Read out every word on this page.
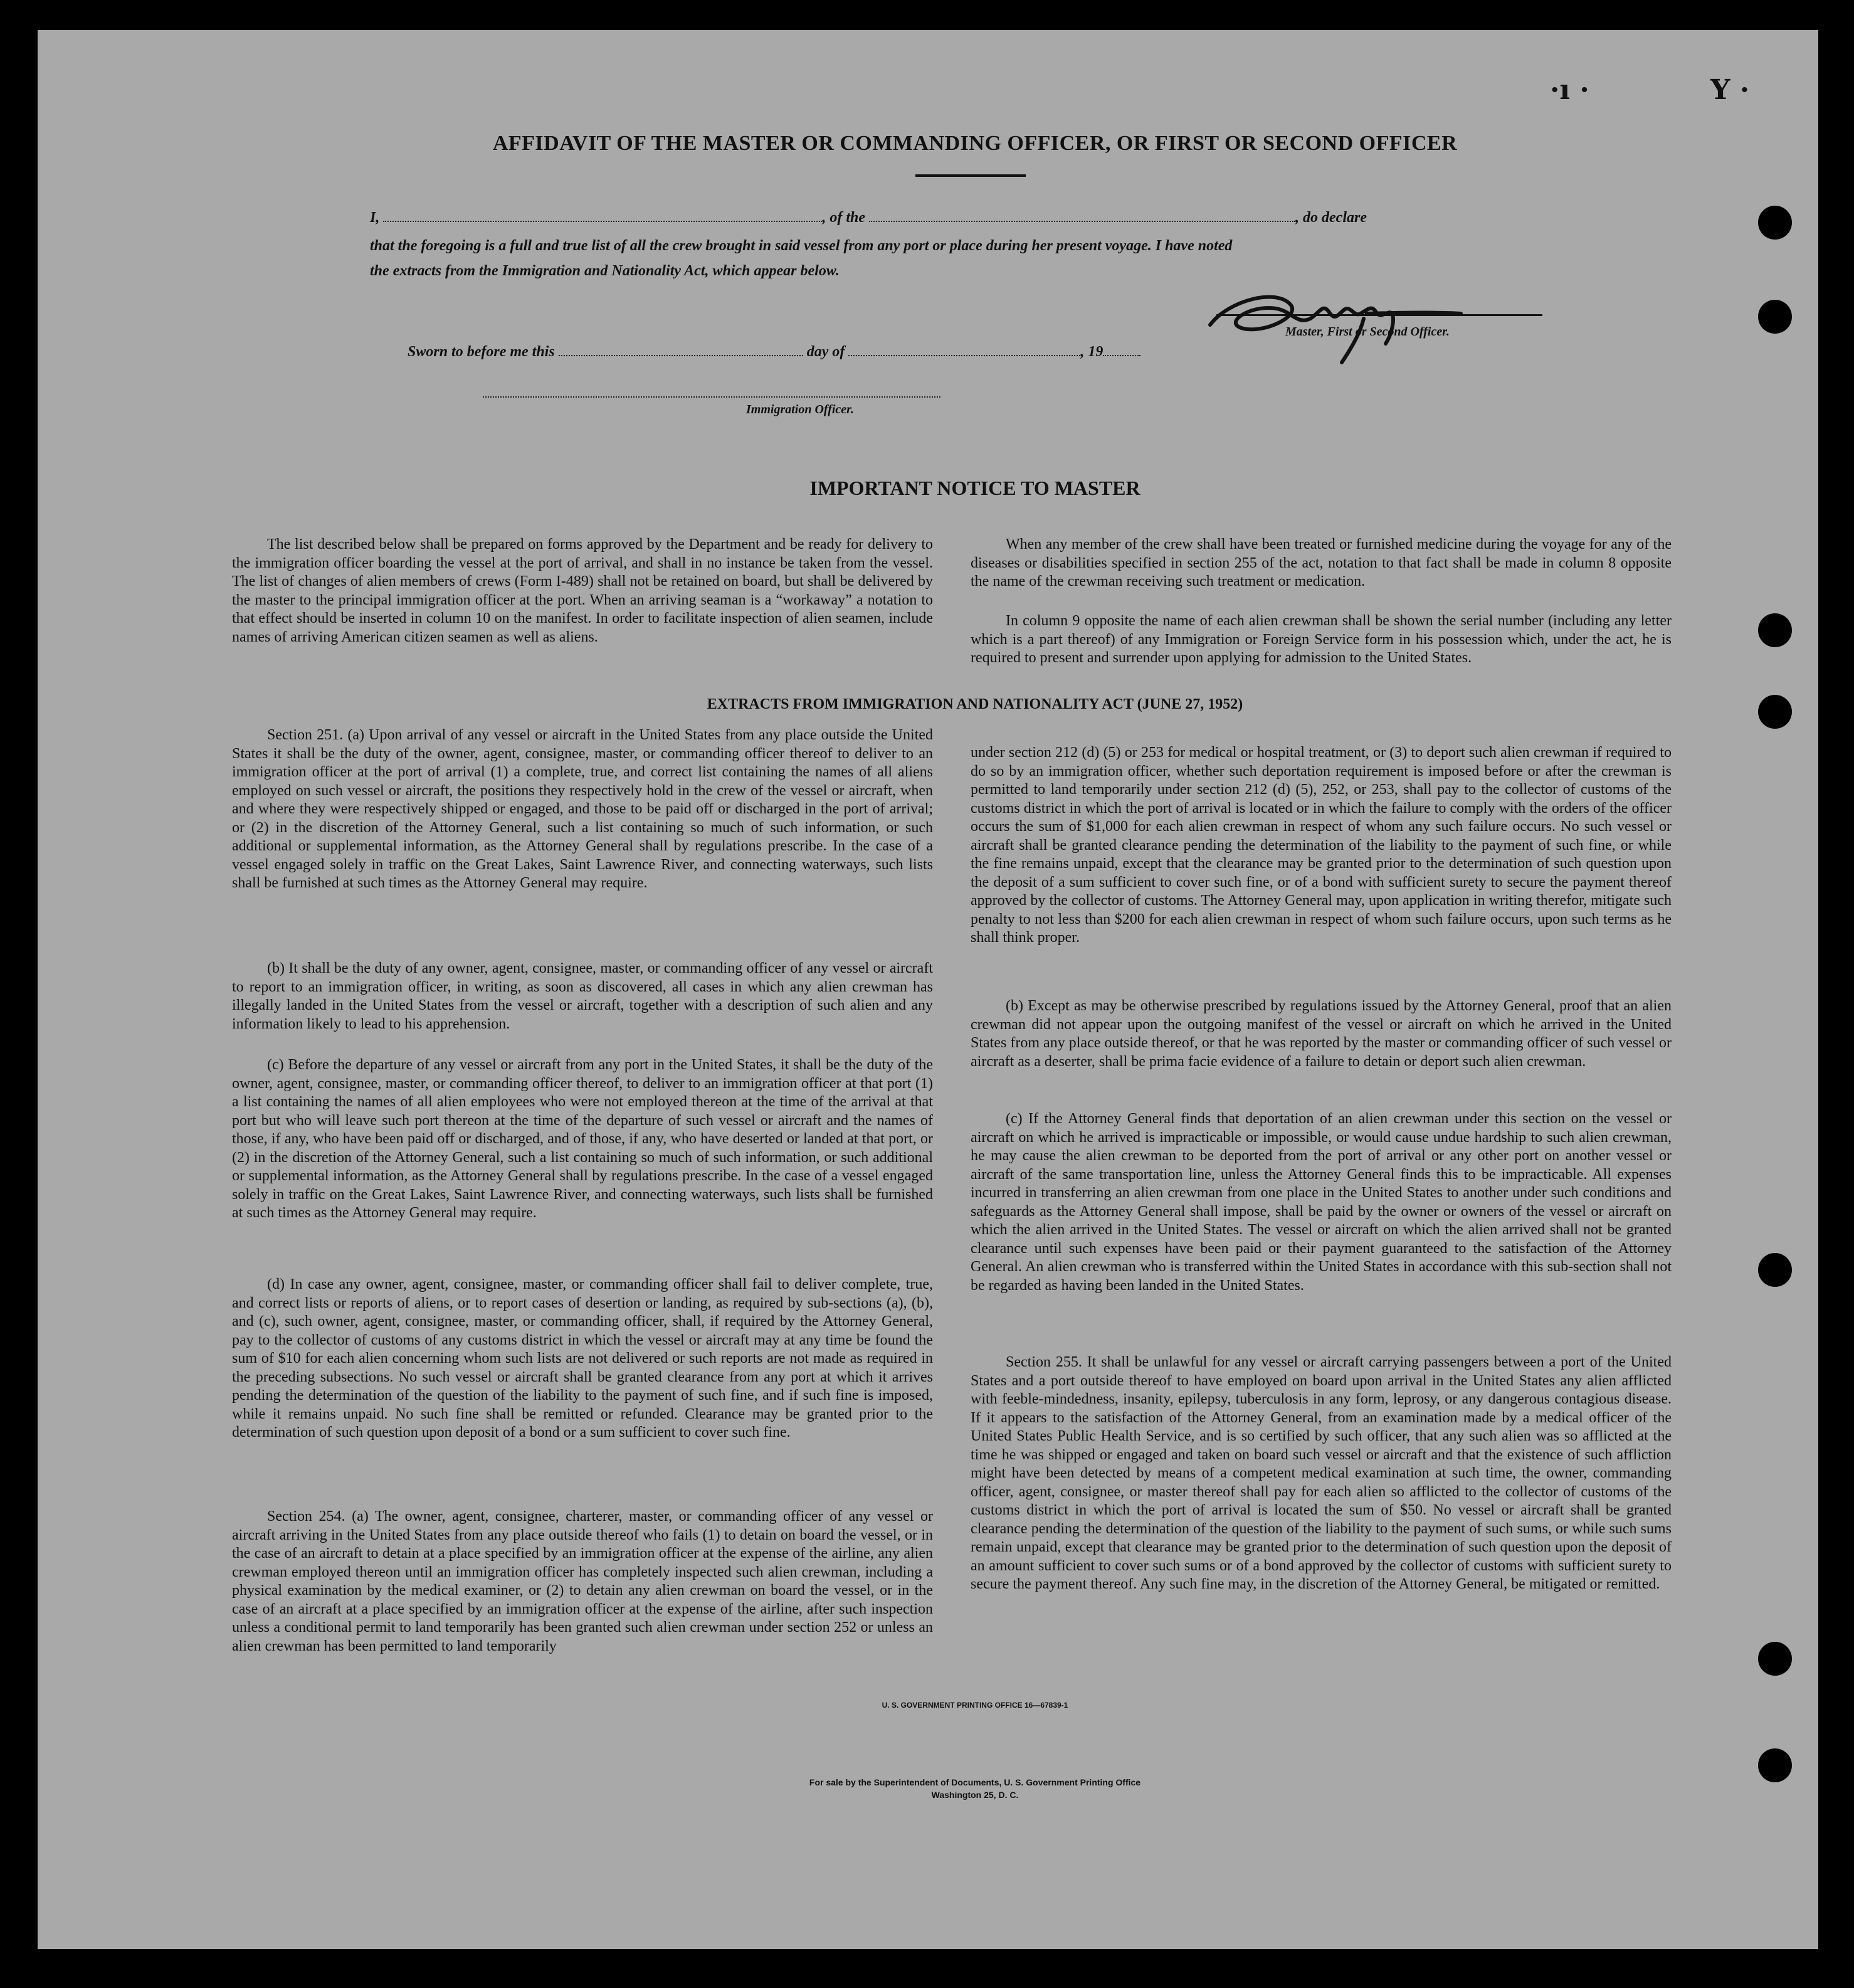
·ı ·	Y ·
AFFIDAVIT OF THE MASTER OR COMMANDING OFFICER, OR FIRST OR SECOND OFFICER
I,	, of the	, do declare
that the foregoing is a full and true list of all the crew brought in said vessel from any port or place during her present voyage. I have noted
the extracts from the Immigration and Nationality Act, which appear below.
Master, First or Second Officer.
Sworn to before me this	day of	, 19
Immigration Officer.
IMPORTANT NOTICE TO MASTER

The list described below shall be prepared on forms approved by the Department and be ready for delivery to the immigration officer boarding the vessel at the port of arrival, and shall in no instance be taken from the vessel. The list of changes of alien members of crews (Form I-489) shall not be retained on board, but shall be delivered by the master to the principal immigration officer at the port. When an arriving seaman is a “workaway” a notation to that effect should be inserted in column 10 on the manifest. In order to facilitate inspection of alien seamen, include names of arriving American citizen seamen as well as aliens.

When any member of the crew shall have been treated or furnished medicine during the voyage for any of the diseases or disabilities specified in section 255 of the act, notation to that fact shall be made in column 8 opposite the name of the crewman receiving such treatment or medication.

In column 9 opposite the name of each alien crewman shall be shown the serial number (including any letter which is a part thereof) of any Immigration or Foreign Service form in his possession which, under the act, he is required to present and surrender upon applying for admission to the United States.

EXTRACTS FROM IMMIGRATION AND NATIONALITY ACT (JUNE 27, 1952)

Section 251. (a) Upon arrival of any vessel or aircraft in the United States from any place outside the United States it shall be the duty of the owner, agent, consignee, master, or commanding officer thereof to deliver to an immigration officer at the port of arrival (1) a complete, true, and correct list containing the names of all aliens employed on such vessel or aircraft, the positions they respectively hold in the crew of the vessel or aircraft, when and where they were respectively shipped or engaged, and those to be paid off or discharged in the port of arrival; or (2) in the discretion of the Attorney General, such a list containing so much of such information, or such additional or supplemental information, as the Attorney General shall by regulations prescribe. In the case of a vessel engaged solely in traffic on the Great Lakes, Saint Lawrence River, and connecting waterways, such lists shall be furnished at such times as the Attorney General may require.

(b) It shall be the duty of any owner, agent, consignee, master, or commanding officer of any vessel or aircraft to report to an immigration officer, in writing, as soon as discovered, all cases in which any alien crewman has illegally landed in the United States from the vessel or aircraft, together with a description of such alien and any information likely to lead to his apprehension.

(c) Before the departure of any vessel or aircraft from any port in the United States, it shall be the duty of the owner, agent, consignee, master, or commanding officer thereof, to deliver to an immigration officer at that port (1) a list containing the names of all alien employees who were not employed thereon at the time of the arrival at that port but who will leave such port thereon at the time of the departure of such vessel or aircraft and the names of those, if any, who have been paid off or discharged, and of those, if any, who have deserted or landed at that port, or (2) in the discretion of the Attorney General, such a list containing so much of such information, or such additional or supplemental information, as the Attorney General shall by regulations prescribe. In the case of a vessel engaged solely in traffic on the Great Lakes, Saint Lawrence River, and connecting waterways, such lists shall be furnished at such times as the Attorney General may require.

(d) In case any owner, agent, consignee, master, or commanding officer shall fail to deliver complete, true, and correct lists or reports of aliens, or to report cases of desertion or landing, as required by sub-sections (a), (b), and (c), such owner, agent, consignee, master, or commanding officer, shall, if required by the Attorney General, pay to the collector of customs of any customs district in which the vessel or aircraft may at any time be found the sum of $10 for each alien concerning whom such lists are not delivered or such reports are not made as required in the preceding subsections. No such vessel or aircraft shall be granted clearance from any port at which it arrives pending the determination of the question of the liability to the payment of such fine, and if such fine is imposed, while it remains unpaid. No such fine shall be remitted or refunded. Clearance may be granted prior to the determination of such question upon deposit of a bond or a sum sufficient to cover such fine.

Section 254. (a) The owner, agent, consignee, charterer, master, or commanding officer of any vessel or aircraft arriving in the United States from any place outside thereof who fails (1) to detain on board the vessel, or in the case of an aircraft to detain at a place specified by an immigration officer at the expense of the airline, any alien crewman employed thereon until an immigration officer has completely inspected such alien crewman, including a physical examination by the medical examiner, or (2) to detain any alien crewman on board the vessel, or in the case of an aircraft at a place specified by an immigration officer at the expense of the airline, after such inspection unless a conditional permit to land temporarily has been granted such alien crewman under section 252 or unless an alien crewman has been permitted to land temporarily

under section 212 (d) (5) or 253 for medical or hospital treatment, or (3) to deport such alien crewman if required to do so by an immigration officer, whether such deportation requirement is imposed before or after the crewman is permitted to land temporarily under section 212 (d) (5), 252, or 253, shall pay to the collector of customs of the customs district in which the port of arrival is located or in which the failure to comply with the orders of the officer occurs the sum of $1,000 for each alien crewman in respect of whom any such failure occurs. No such vessel or aircraft shall be granted clearance pending the determination of the liability to the payment of such fine, or while the fine remains unpaid, except that the clearance may be granted prior to the determination of such question upon the deposit of a sum sufficient to cover such fine, or of a bond with sufficient surety to secure the payment thereof approved by the collector of customs. The Attorney General may, upon application in writing therefor, mitigate such penalty to not less than $200 for each alien crewman in respect of whom such failure occurs, upon such terms as he shall think proper.

(b) Except as may be otherwise prescribed by regulations issued by the Attorney General, proof that an alien crewman did not appear upon the outgoing manifest of the vessel or aircraft on which he arrived in the United States from any place outside thereof, or that he was reported by the master or commanding officer of such vessel or aircraft as a deserter, shall be prima facie evidence of a failure to detain or deport such alien crewman.

(c) If the Attorney General finds that deportation of an alien crewman under this section on the vessel or aircraft on which he arrived is impracticable or impossible, or would cause undue hardship to such alien crewman, he may cause the alien crewman to be deported from the port of arrival or any other port on another vessel or aircraft of the same transportation line, unless the Attorney General finds this to be impracticable. All expenses incurred in transferring an alien crewman from one place in the United States to another under such conditions and safeguards as the Attorney General shall impose, shall be paid by the owner or owners of the vessel or aircraft on which the alien arrived in the United States. The vessel or aircraft on which the alien arrived shall not be granted clearance until such expenses have been paid or their payment guaranteed to the satisfaction of the Attorney General. An alien crewman who is transferred within the United States in accordance with this sub-section shall not be regarded as having been landed in the United States.

Section 255. It shall be unlawful for any vessel or aircraft carrying passengers between a port of the United States and a port outside thereof to have employed on board upon arrival in the United States any alien afflicted with feeble-mindedness, insanity, epilepsy, tuberculosis in any form, leprosy, or any dangerous contagious disease. If it appears to the satisfaction of the Attorney General, from an examination made by a medical officer of the United States Public Health Service, and is so certified by such officer, that any such alien was so afflicted at the time he was shipped or engaged and taken on board such vessel or aircraft and that the existence of such affliction might have been detected by means of a competent medical examination at such time, the owner, commanding officer, agent, consignee, or master thereof shall pay for each alien so afflicted to the collector of customs of the customs district in which the port of arrival is located the sum of $50. No vessel or aircraft shall be granted clearance pending the determination of the question of the liability to the payment of such sums, or while such sums remain unpaid, except that clearance may be granted prior to the determination of such question upon the deposit of an amount sufficient to cover such sums or of a bond approved by the collector of customs with sufficient surety to secure the payment thereof. Any such fine may, in the discretion of the Attorney General, be mitigated or remitted.

U. S. GOVERNMENT PRINTING OFFICE 16—67839-1
For sale by the Superintendent of Documents, U. S. Government Printing Office
Washington 25, D. C.
